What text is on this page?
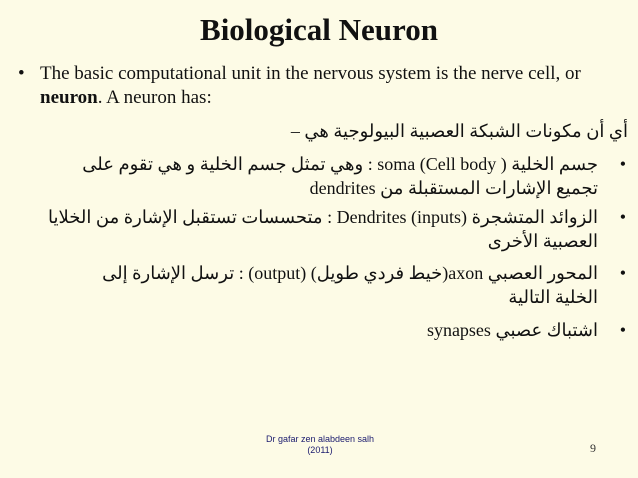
Biological Neuron
• The basic computational unit in the nervous system is the nerve cell, or neuron. A neuron has:
أي أن مكونات الشبكة العصبية البيولوجية هي –
•
جسم الخلية soma (Cell body ) : وهي تمثل جسم الخلية و هي تقوم على
تجميع الإشارات المستقبلة من dendrites
•
الزوائد المتشجرة Dendrites (inputs) : متحسسات تستقبل الإشارة من الخلايا
العصبية الأخرى
•
المحور العصبي axon(خيط فردي طويل) (output) : ترسل الإشارة إلى
الخلية التالية
•
اشتباك عصبي synapses
Dr gafar zen alabdeen salh
(2011)	9
